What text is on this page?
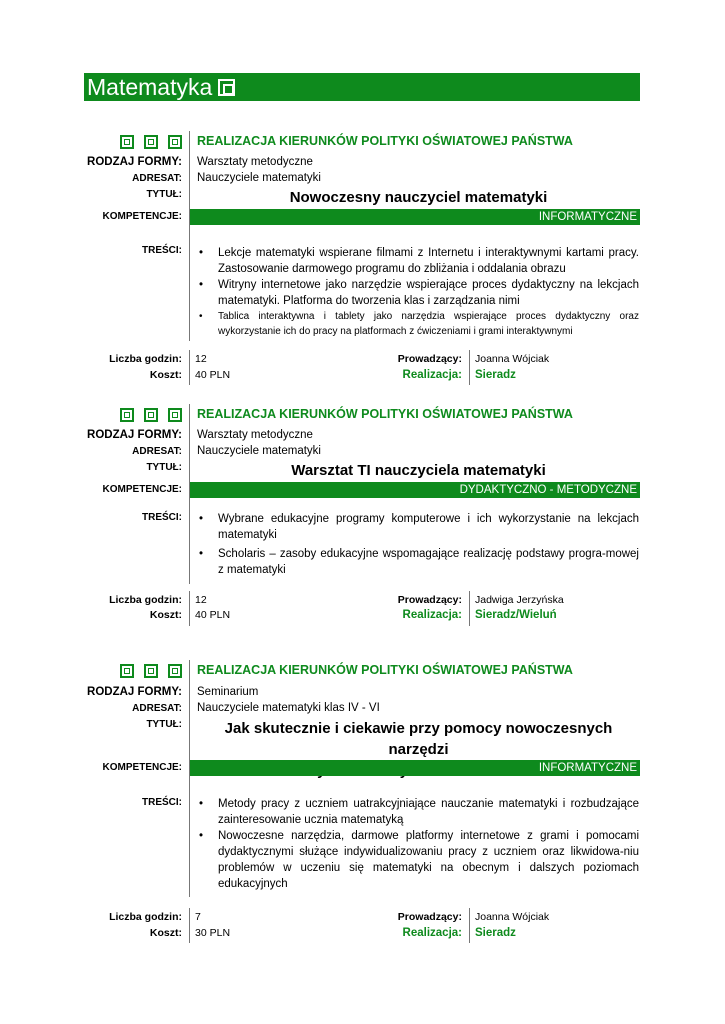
Matematyka
REALIZACJA KIERUNKÓW POLITYKI OŚWIATOWEJ PAŃSTWA
RODZAJ FORMY: Warsztaty metodyczne
ADRESAT: Nauczyciele matematyki
TYTUŁ:	Nowoczesny nauczyciel matematyki
KOMPETENCJE:	INFORMATYCZNE
TREŚCI: • Lekcje matematyki wspierane filmami z Internetu i interaktywnymi kartami pracy. Zastosowanie darmowego programu do zbliżania i oddalania obrazu
• Witryny internetowe jako narzędzie wspierające proces dydaktyczny na lekcjach matematyki. Platforma do tworzenia klas i zarządzania nimi
• Tablica interaktywna i tablety jako narzędzia wspierające proces dydaktyczny oraz wykorzystanie ich do pracy na platformach z ćwiczeniami i grami interaktywnymi
Liczba godzin: 12
Koszt: 40 PLN
Prowadzący: Joanna Wójciak
Realizacja: Sieradz
REALIZACJA KIERUNKÓW POLITYKI OŚWIATOWEJ PAŃSTWA
RODZAJ FORMY: Warsztaty metodyczne
ADRESAT: Nauczyciele matematyki
TYTUŁ:	Warsztat TI nauczyciela matematyki
KOMPETENCJE:	DYDAKTYCZNO - METODYCZNE
TREŚCI: • Wybrane edukacyjne programy komputerowe i ich wykorzystanie na lekcjach matematyki
• Scholaris – zasoby edukacyjne wspomagające realizację podstawy progra-mowej z matematyki
Liczba godzin: 12
Koszt: 40 PLN
Prowadzący: Jadwiga Jerzyńska
Realizacja: Sieradz/Wieluń
REALIZACJA KIERUNKÓW POLITYKI OŚWIATOWEJ PAŃSTWA
RODZAJ FORMY: Seminarium
ADRESAT: Nauczyciele matematyki klas IV - VI
TYTUŁ:	Jak skutecznie i ciekawie przy pomocy nowoczesnych narzędzi
KOMPETENCJE:	INFORMATYCZNE
TREŚCI: • Metody pracy z uczniem uatrakcyjniające nauczanie matematyki i rozbudzające zainteresowanie ucznia matematyką
• Nowoczesne narzędzia, darmowe platformy internetowe z grami i pomocami dydaktycznymi służące indywidualizowaniu pracy z uczniem oraz likwidowa-niu problemów w uczeniu się matematyki na obecnym i dalszych poziomach edukacyjnych
Liczba godzin: 7
Koszt: 30 PLN
Prowadzący: Joanna Wójciak
Realizacja: Sieradz
